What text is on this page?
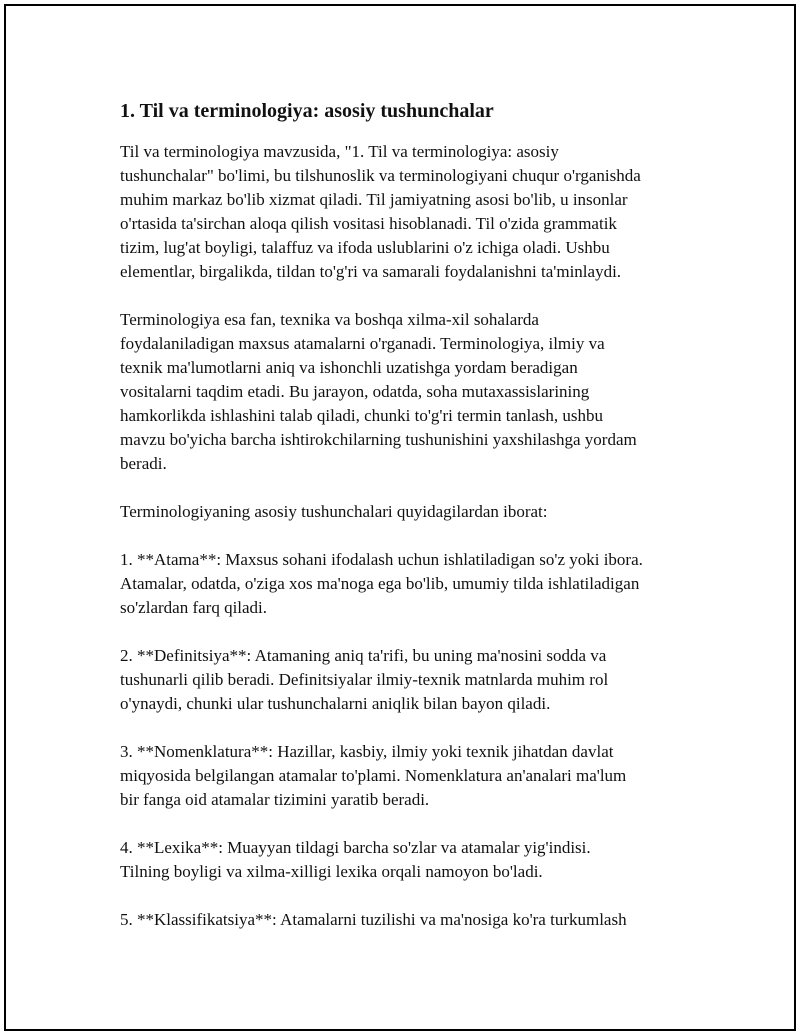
1. Til va terminologiya: asosiy tushunchalar

Til va terminologiya mavzusida, "1. Til va terminologiya: asosiy
tushunchalar" bo'limi, bu tilshunoslik va terminologiyani chuqur o'rganishda
muhim markaz bo'lib xizmat qiladi. Til jamiyatning asosi bo'lib, u insonlar
o'rtasida ta'sirchan aloqa qilish vositasi hisoblanadi. Til o'zida grammatik
tizim, lug'at boyligi, talaffuz va ifoda uslublarini o'z ichiga oladi. Ushbu
elementlar, birgalikda, tildan to'g'ri va samarali foydalanishni ta'minlaydi.

Terminologiya esa fan, texnika va boshqa xilma-xil sohalarda
foydalaniladigan maxsus atamalarni o'rganadi. Terminologiya, ilmiy va
texnik ma'lumotlarni aniq va ishonchli uzatishga yordam beradigan
vositalarni taqdim etadi. Bu jarayon, odatda, soha mutaxassislarining
hamkorlikda ishlashini talab qiladi, chunki to'g'ri termin tanlash, ushbu
mavzu bo'yicha barcha ishtirokchilarning tushunishini yaxshilashga yordam
beradi.

Terminologiyaning asosiy tushunchalari quyidagilardan iborat:

1. **Atama**: Maxsus sohani ifodalash uchun ishlatiladigan so'z yoki ibora.
Atamalar, odatda, o'ziga xos ma'noga ega bo'lib, umumiy tilda ishlatiladigan
so'zlardan farq qiladi.

2. **Definitsiya**: Atamaning aniq ta'rifi, bu uning ma'nosini sodda va
tushunarli qilib beradi. Definitsiyalar ilmiy-texnik matnlarda muhim rol
o'ynaydi, chunki ular tushunchalarni aniqlik bilan bayon qiladi.

3. **Nomenklatura**: Hazillar, kasbiy, ilmiy yoki texnik jihatdan davlat
miqyosida belgilangan atamalar to'plami. Nomenklatura an'analari ma'lum
bir fanga oid atamalar tizimini yaratib beradi.

4. **Lexika**: Muayyan tildagi barcha so'zlar va atamalar yig'indisi.
Tilning boyligi va xilma-xilligi lexika orqali namoyon bo'ladi.

5. **Klassifikatsiya**: Atamalarni tuzilishi va ma'nosiga ko'ra turkumlash
